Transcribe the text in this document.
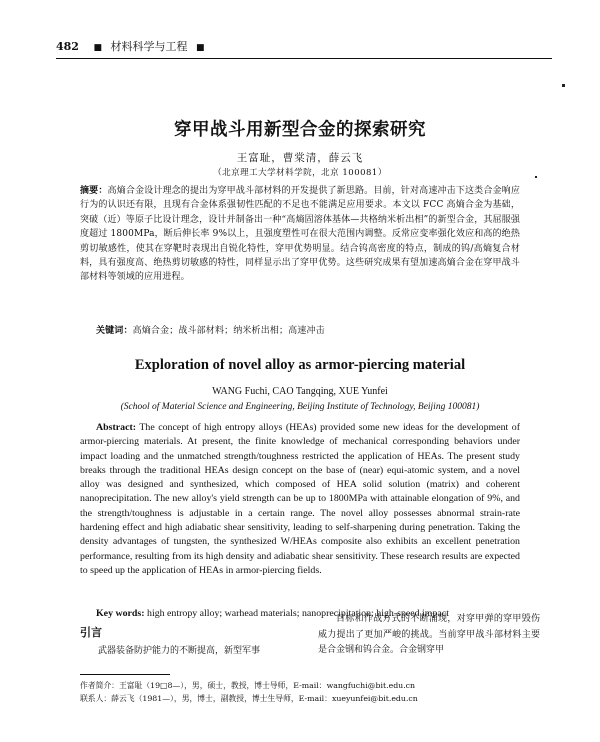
482 ■ 材料科学与工程 ■
穿甲战斗用新型合金的探索研究
王富耻，曹棠清，薛云飞
（北京理工大学材料学院，北京 100081）
摘要：高熵合金设计理念的提出为穿甲战斗部材料的开发提供了新思路。目前，针对高速冲击下这类合金响应行为的认识还有限，且现有合金体系强韧性匹配的不足也不能满足应用要求。本文以 FCC 高熵合金为基础，突破（近）等原子比设计理念，设计并制备出一种“高熵固溶体基体—共格纳米析出相”的新型合金，其屈服强度超过 1800MPa，断后伸长率 9%以上，且强度塑性可在很大范围内调整。反常应变率强化效应和高的绝热剪切敏感性，使其在穿靶时表现出自锐化特性，穿甲优势明显。结合钨高密度的特点，制成的钨/高熵复合材料，具有强度高、绝热剪切敏感的特性，同样显示出了穿甲优势。这些研究成果有望加速高熵合金在穿甲战斗部材料等领域的应用进程。
关键词：高熵合金；战斗部材料；纳米析出相；高速冲击
Exploration of novel alloy as armor-piercing material
WANG Fuchi, CAO Tangqing, XUE Yunfei
(School of Material Science and Engineering, Beijing Institute of Technology, Beijing 100081)
Abstract: The concept of high entropy alloys (HEAs) provided some new ideas for the development of armor-piercing materials. At present, the finite knowledge of mechanical corresponding behaviors under impact loading and the unmatched strength/toughness restricted the application of HEAs. The present study breaks through the traditional HEAs design concept on the base of (near) equi-atomic system, and a novel alloy was designed and synthesized, which composed of HEA solid solution (matrix) and coherent nanoprecipitation. The new alloy's yield strength can be up to 1800MPa with attainable elongation of 9%, and the strength/toughness is adjustable in a certain range. The novel alloy possesses abnormal strain-rate hardening effect and high adiabatic shear sensitivity, leading to self-sharpening during penetration. Taking the density advantages of tungsten, the synthesized W/HEAs composite also exhibits an excellent penetration performance, resulting from its high density and adiabatic shear sensitivity. These research results are expected to speed up the application of HEAs in armor-piercing fields.
Key words: high entropy alloy; warhead materials; nanoprecipitation; high-speed impact
引言
武器装备防护能力的不断提高，新型军事
目标和作战方式的不断涌现，对穿甲弹的穿甲毁伤威力提出了更加严峻的挑战。当前穿甲战斗部材料主要是合金钢和钨合金。合金钢穿甲
作者简介：王富耻（19□8—），男，硕士，教授，博士导师，E-mail：wangfuchi@bit.edu.cn
联系人：薛云飞（1981—），男，博士，副教授，博士生导师，E-mail：xueyunfei@bit.edu.cn
